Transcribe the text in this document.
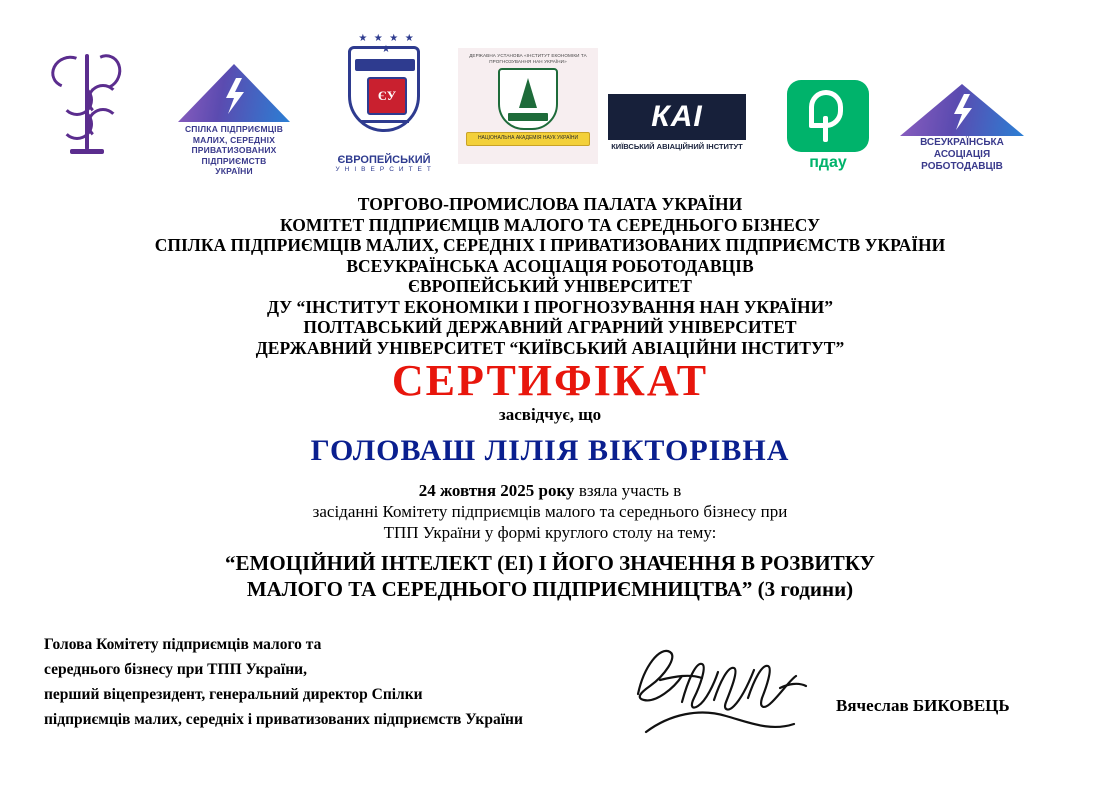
СПІЛКА ПІДПРИЄМЦІВ
МАЛИХ, СЕРЕДНІХ
ПРИВАТИЗОВАНИХ
ПІДПРИЄМСТВ
УКРАЇНИ
★ ★ ★ ★ ★
ЄУ
ЄВРОПЕЙСЬКИЙ
У Н І В Е Р С И Т Е Т
ДЕРЖАВНА УСТАНОВА «ІНСТИТУТ ЕКОНОМІКИ ТА ПРОГНОЗУВАННЯ НАН УКРАЇНИ»
НАЦІОНАЛЬНА АКАДЕМІЯ НАУК УКРАЇНИ
КАІ
КИЇВСЬКИЙ АВІАЦІЙНИЙ ІНСТИТУТ
пдау
ВСЕУКРАЇНСЬКА
АСОЦІАЦІЯ
РОБОТОДАВЦІВ
ТОРГОВО-ПРОМИСЛОВА ПАЛАТА УКРАЇНИ
КОМІТЕТ ПІДПРИЄМЦІВ МАЛОГО ТА СЕРЕДНЬОГО БІЗНЕСУ
СПІЛКА ПІДПРИЄМЦІВ МАЛИХ, СЕРЕДНІХ І ПРИВАТИЗОВАНИХ ПІДПРИЄМСТВ УКРАЇНИ
ВСЕУКРАЇНСЬКА АСОЦІАЦІЯ РОБОТОДАВЦІВ
ЄВРОПЕЙСЬКИЙ УНІВЕРСИТЕТ
ДУ “ІНСТИТУТ ЕКОНОМІКИ І ПРОГНОЗУВАННЯ НАН УКРАЇНИ”
ПОЛТАВСЬКИЙ ДЕРЖАВНИЙ АГРАРНИЙ УНІВЕРСИТЕТ
ДЕРЖАВНИЙ УНІВЕРСИТЕТ “КИЇВСЬКИЙ АВІАЦІЙНИ ІНСТИТУТ”
СЕРТИФІКАТ
засвідчує, що
ГОЛОВАШ ЛІЛІЯ ВІКТОРІВНА
24 жовтня 2025 року взяла участь в
засіданні Комітету підприємців малого та середнього бізнесу при
ТПП України у формі круглого столу на тему:
“ЕМОЦІЙНИЙ ІНТЕЛЕКТ (ЕІ) І ЙОГО ЗНАЧЕННЯ В РОЗВИТКУ
МАЛОГО ТА СЕРЕДНЬОГО ПІДПРИЄМНИЦТВА” (3 години)
Голова Комітету підприємців малого та
середнього бізнесу при ТПП України,
перший віцепрезидент, генеральний директор Спілки
підприємців малих, середніх і приватизованих підприємств України
Вячеслав БИКОВЕЦЬ
